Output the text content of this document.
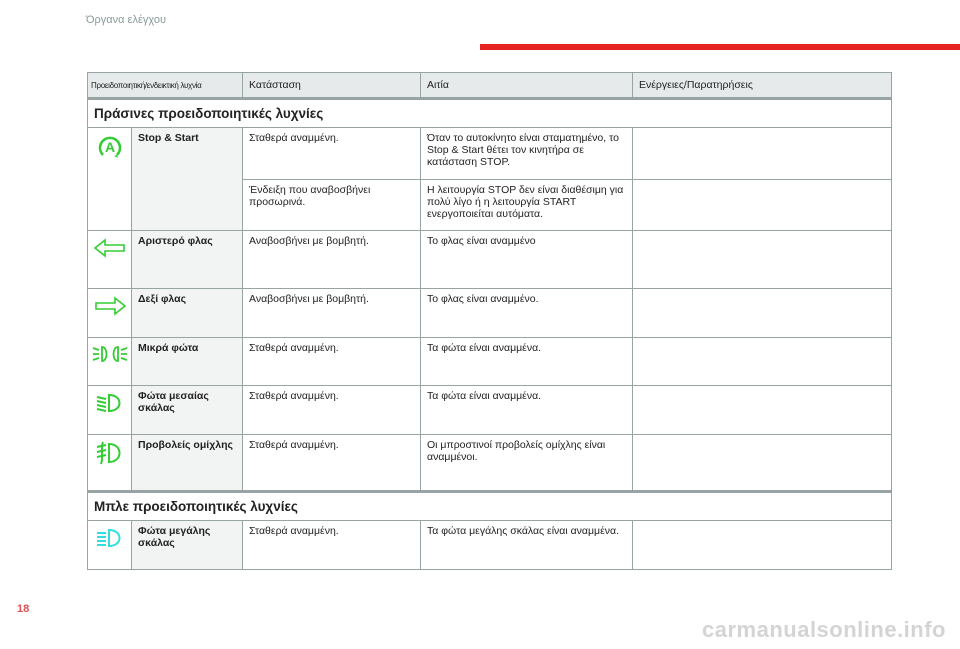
Όργανα ελέγχου
Προειδοποιητική/ενδεικτική λυχνία		Κατάσταση	Αιτία	Ενέργειες/Παρατηρήσεις
Πράσινες προειδοποιητικές λυχνίες				

A	Stop & Start	Σταθερά αναμμένη.	Όταν το αυτοκίνητο είναι σταματημένο, το Stop & Start θέτει τον κινητήρα σε κατάσταση STOP.	
		Ένδειξη που αναβοσβήνει προσωρινά.	Η λειτουργία STOP δεν είναι διαθέσιμη για πολύ λίγο ή η λειτουργία START ενεργοποιείται αυτόματα.	
	Αριστερό φλας	Αναβοσβήνει με βομβητή.	Το φλας είναι αναμμένο	
	Δεξί φλας	Αναβοσβήνει με βομβητή.	Το φλας είναι αναμμένο.	
	Μικρά φώτα	Σταθερά αναμμένη.	Τα φώτα είναι αναμμένα.	
	Φώτα μεσαίας σκάλας	Σταθερά αναμμένη.	Τα φώτα είναι αναμμένα.	
	Προβολείς ομίχλης	Σταθερά αναμμένη.	Οι μπροστινοί προβολείς ομίχλης είναι αναμμένοι.	
Μπλε προειδοποιητικές λυχνίες				
	Φώτα μεγάλης σκάλας	Σταθερά αναμμένη.	Τα φώτα μεγάλης σκάλας είναι αναμμένα.	
18
carmanualsonline.info
